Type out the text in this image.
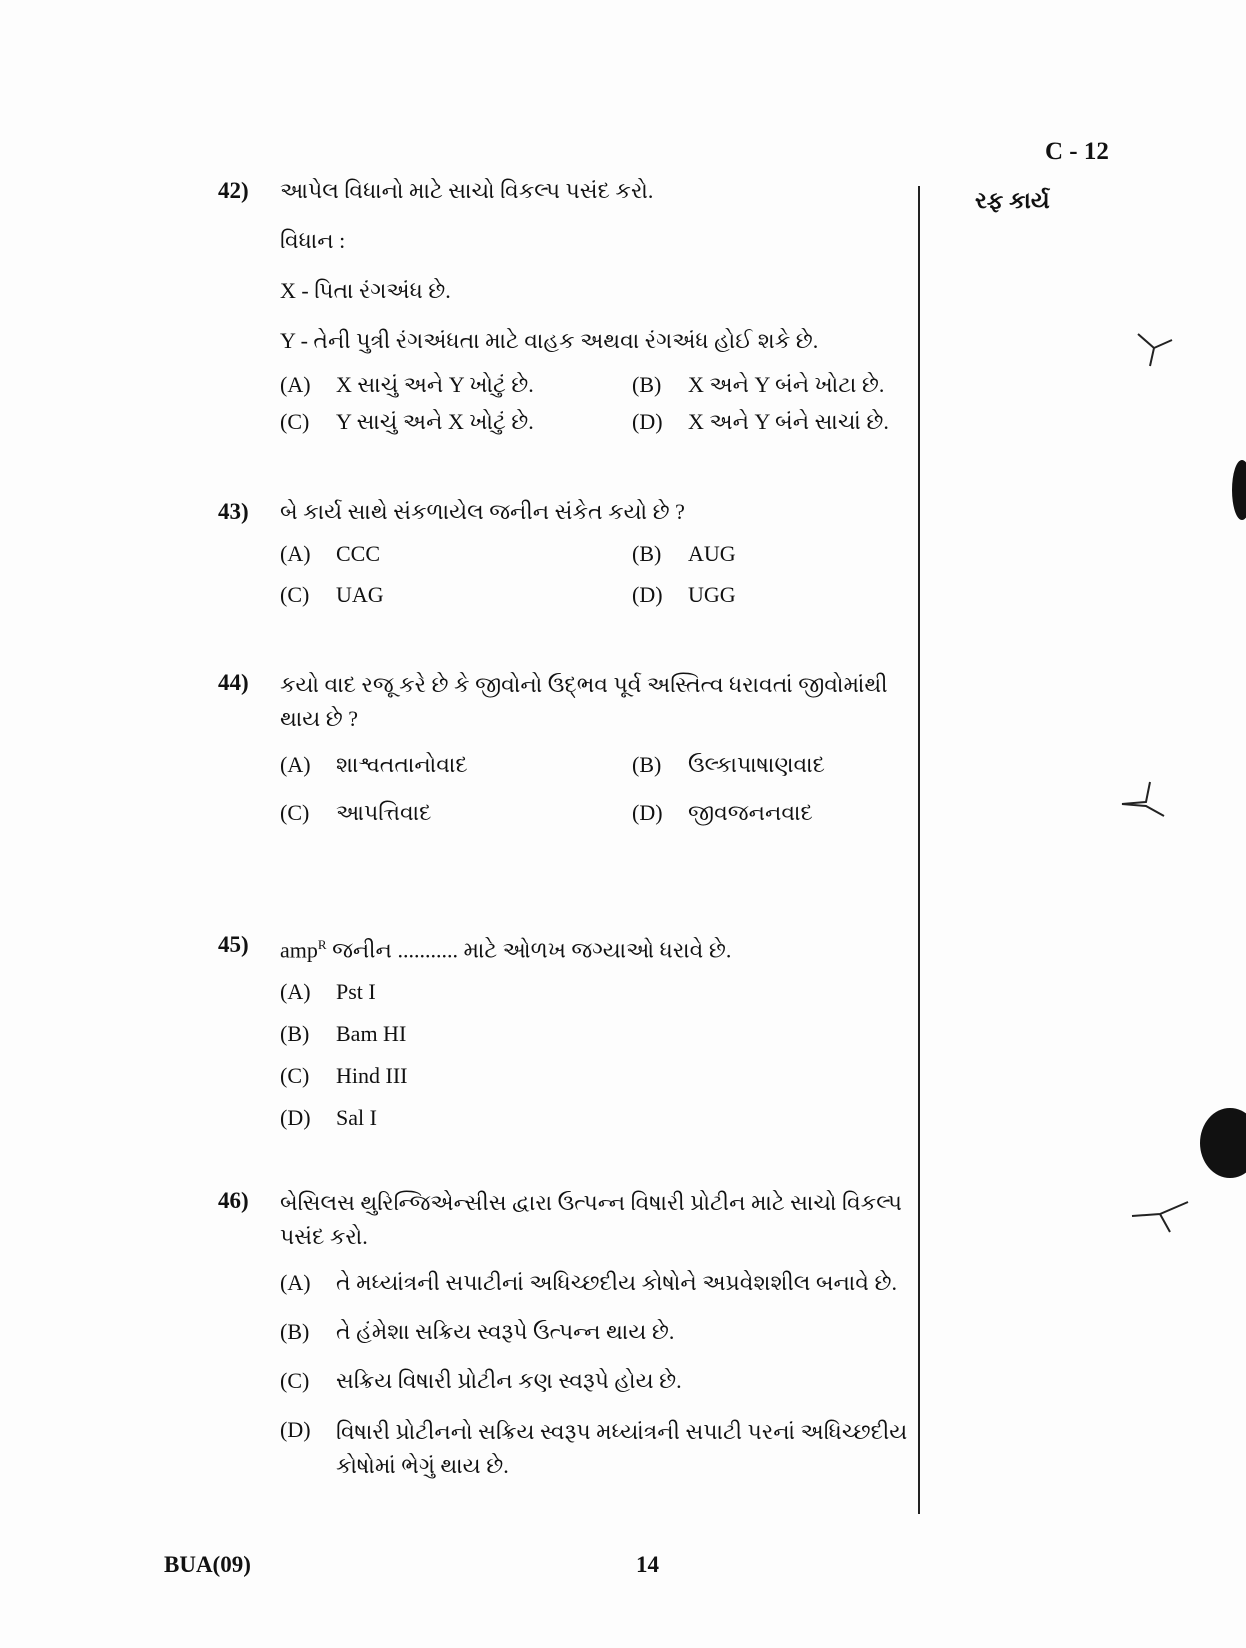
C - 12
રફ કાર્ય
42) આપેલ વિધાનો માટે સાચો વિકલ્પ પસંદ કરો.
વિધાન :
X - પિતા રંગઅંધ છે.
Y - તેની પુત્રી રંગઅંધતા માટે વાહક અથવા રંગઅંધ હોઈ શકે છે.
(A) X સાચું અને Y ખોટું છે.	(B) X અને Y બંને ખોટા છે.
(C) Y સાચું અને X ખોટું છે.	(D) X અને Y બંને સાચાં છે.
43) બે કાર્ય સાથે સંકળાયેલ જનીન સંકેત કયો છે ?
(A) CCC	(B) AUG
(C) UAG	(D) UGG
44) કયો વાદ રજૂ કરે છે કે જીવોનો ઉદ્ભવ પૂર્વ અસ્તિત્વ ધરાવતાં જીવોમાંથી થાય છે ?
(A) શાશ્વતતાનોવાદ	(B) ઉલ્કાપાષાણવાદ
(C) આપત્તિવાદ	(D) જીવજનનવાદ
45) amp$^R$ જનીન ........... માટે ઓળખ જગ્યાઓ ધરાવે છે.
(A) Pst I
(B) Bam HI
(C) Hind III
(D) Sal I
46) બેસિલસ થુરિન્જિએન્સીસ દ્વારા ઉત્પન્ન વિષારી પ્રોટીન માટે સાચો વિકલ્પ પસંદ કરો.
(A) તે મધ્યાંત્રની સપાટીનાં અધિચ્છદીય કોષોને અપ્રવેશશીલ બનાવે છે.
(B) તે હંમેશા સક્રિય સ્વરૂપે ઉત્પન્ન થાય છે.
(C) સક્રિય વિષારી પ્રોટીન કણ સ્વરૂપે હોય છે.
(D)	વિષારી પ્રોટીનનો સક્રિય સ્વરૂપ મધ્યાંત્રની સપાટી પરનાં અધિચ્છદીય કોષોમાં ભેગું થાય છે.
BUA(09)	14
